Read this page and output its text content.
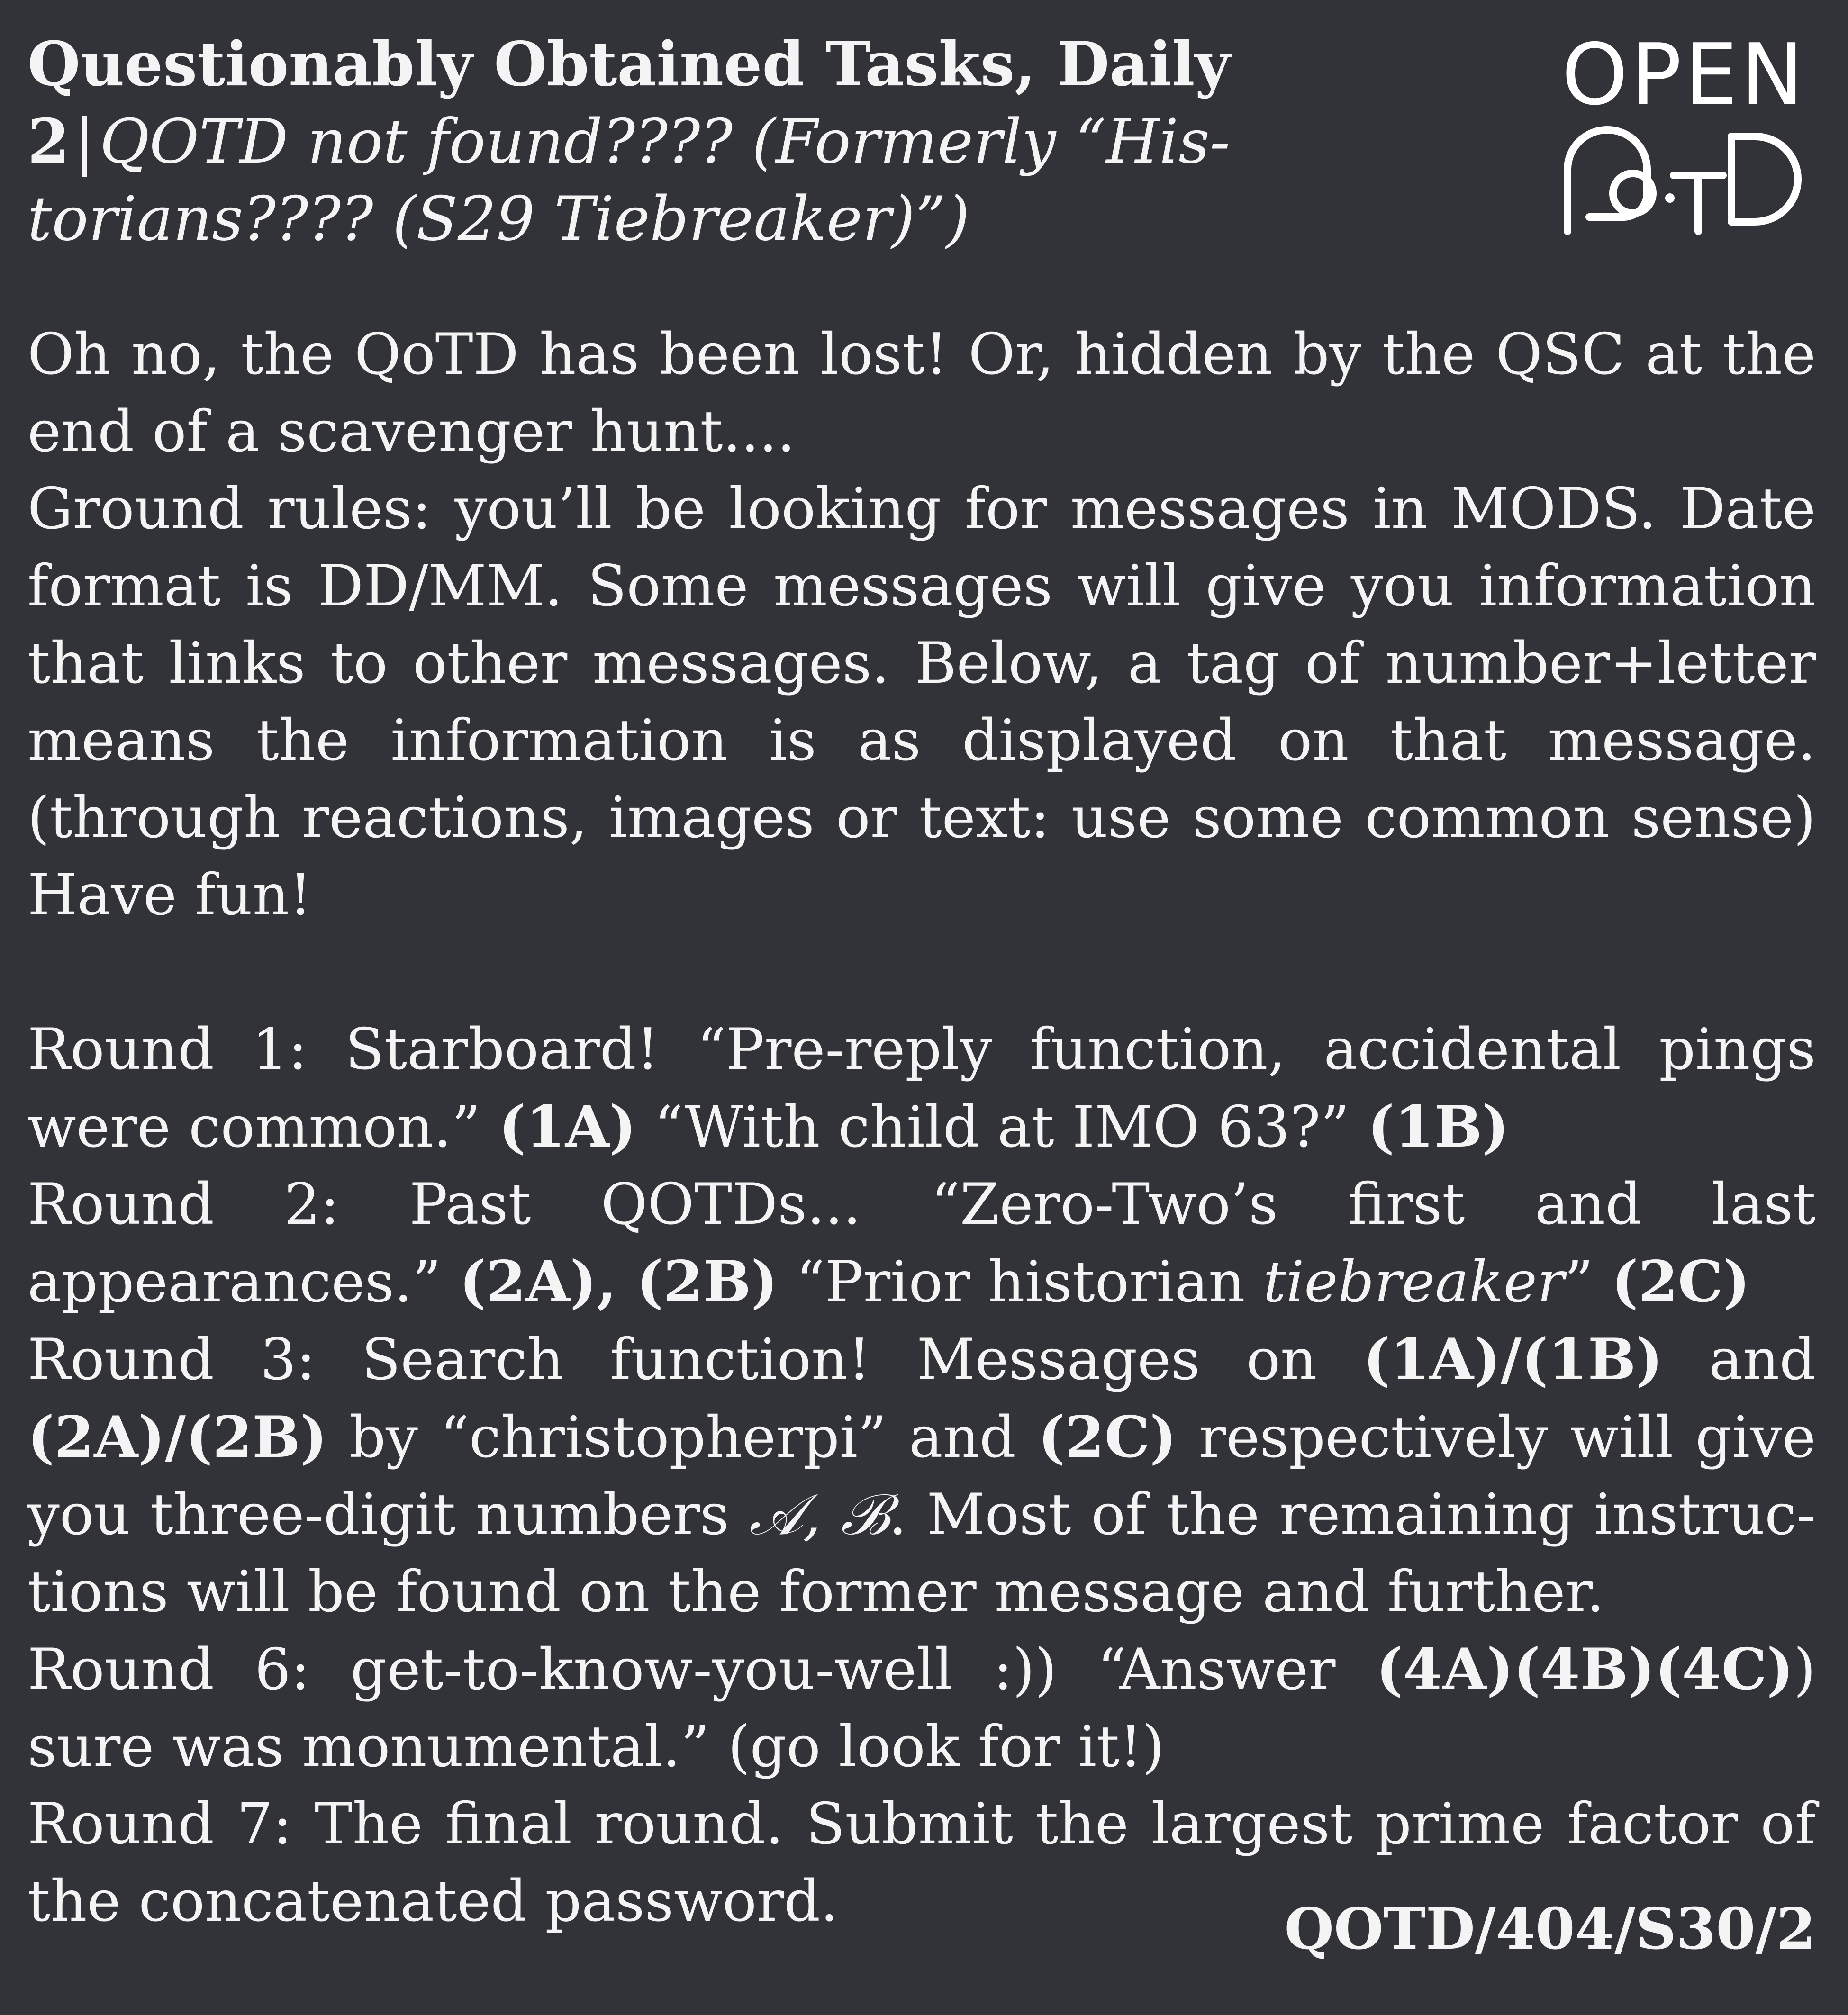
Questionably Obtained Tasks, Daily
2|QOTD not found???? (Formerly “His-
torians???? (S29 Tiebreaker)”)
OPEN

Oh no, the QoTD has been lost! Or, hidden by the QSC at the end of a scavenger hunt....

Ground rules: you’ll be looking for messages in MODS. Date format is DD/MM. Some messages will give you information that links to other messages. Below, a tag of number+letter means the information is as displayed on that message. (through reactions, images or text: use some common sense) Have fun!

Round 1: Starboard! “Pre-reply function, accidental pings were common.” (1A) “With child at IMO 63?” (1B)

Round 2: Past QOTDs... “Zero-Two’s first and last appearances.” (2A), (2B) “Prior historian tiebreaker” (2C)

Round 3: Search function! Messages on (1A)/(1B) and (2A)/(2B) by “christopherpi” and (2C) respectively will give you three-digit numbers 𝒜, ℬ. Most of the remaining instructions will be found on the former message and further.

Round 6: get-to-know-you-well :)) “Answer (4A)(4B)(4C)) sure was monumental.” (go look for it!)

Round 7: The final round. Submit the largest prime factor of the concatenated password.	QOTD/404/S30/2
